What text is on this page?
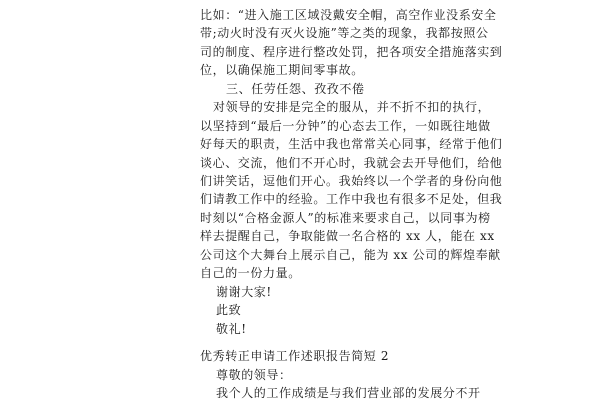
比如：“进入施工区域没戴安全帽，高空作业没系安全
带;动火时没有灭火设施”等之类的现象，我都按照公
司的制度、程序进行整改处罚，把各项安全措施落实到
位，以确保施工期间零事故。
三、任劳任怨、孜孜不倦
对领导的安排是完全的服从，并不折不扣的执行，
以坚持到“最后一分钟”的心态去工作，一如既往地做
好每天的职责，生活中我也常常关心同事，经常于他们
谈心、交流，他们不开心时，我就会去开导他们，给他
们讲笑话，逗他们开心。我始终以一个学者的身份向他
们请教工作中的经验。工作中我也有很多不足处，但我
时刻以“合格金源人”的标准来要求自己，以同事为榜
样去提醒自己，争取能做一名合格的 xx 人，能在 xx
公司这个大舞台上展示自己，能为 xx 公司的辉煌奉献
自己的一份力量。
谢谢大家!
此致
敬礼!
优秀转正申请工作述职报告简短 2
尊敬的领导：
我个人的工作成绩是与我们营业部的发展分不开
